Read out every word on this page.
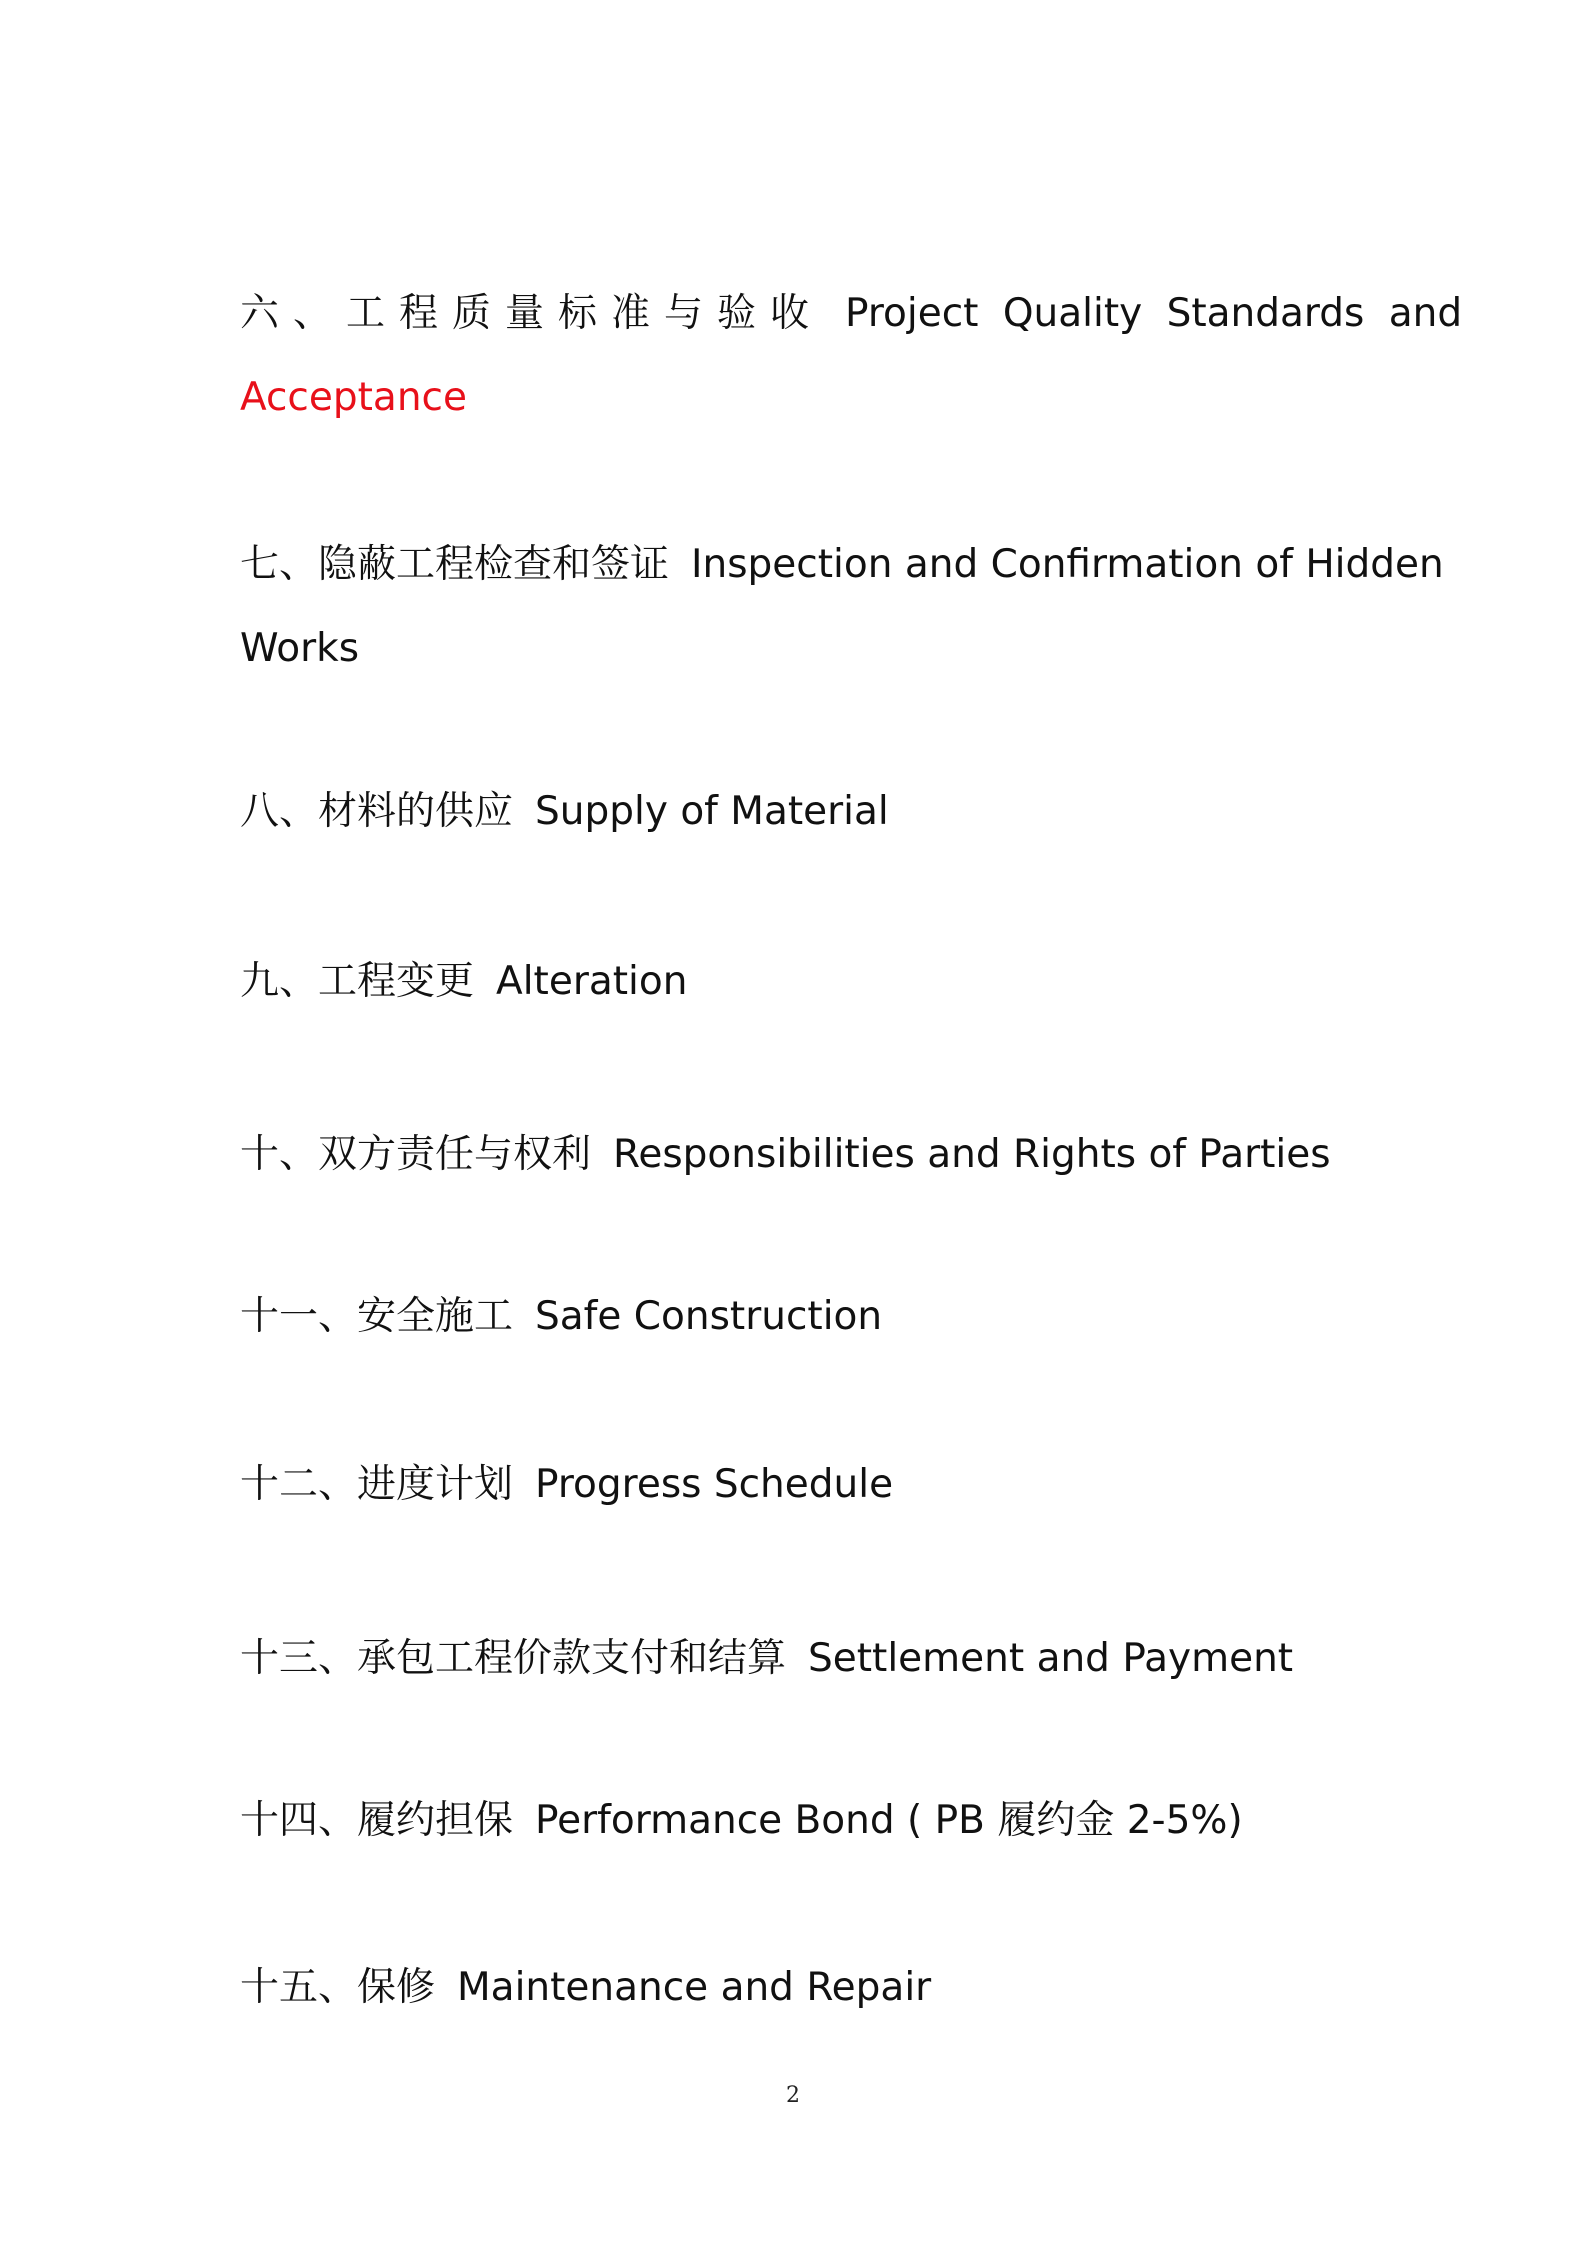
六、工程质量标准与验收 Project Quality Standards and
Acceptance
七、隐蔽工程检查和签证 Inspection and Confirmation of Hidden
Works
八、材料的供应 Supply of Material
九、工程变更 Alteration
十、双方责任与权利 Responsibilities and Rights of Parties
十一、安全施工 Safe Construction
十二、进度计划 Progress Schedule
十三、承包工程价款支付和结算 Settlement and Payment
十四、履约担保 Performance Bond ( PB 履约金 2-5%)
十五、保修 Maintenance and Repair
2
